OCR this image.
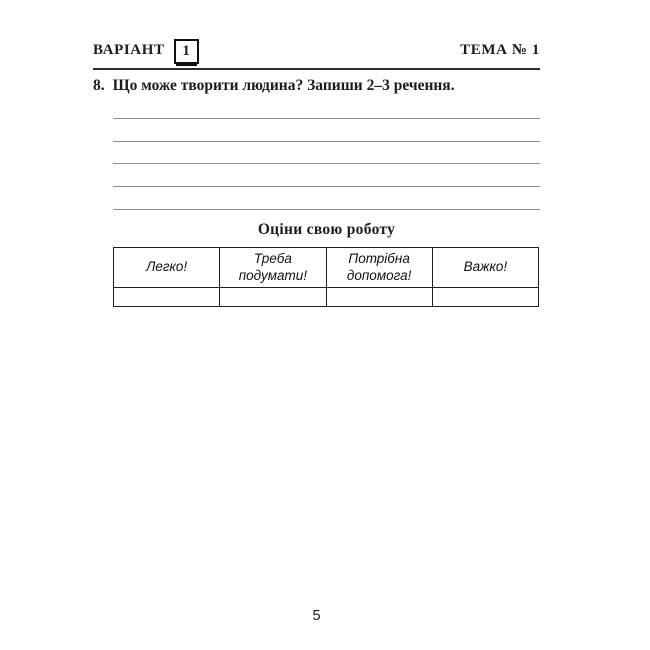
ВАРІАНТ	1	ТЕМА № 1
8. Що може творити людина? Запиши 2–3 речення.
Оціни свою роботу
Легко!	Треба подумати!	Потрібна допомога!	Важко!

5
